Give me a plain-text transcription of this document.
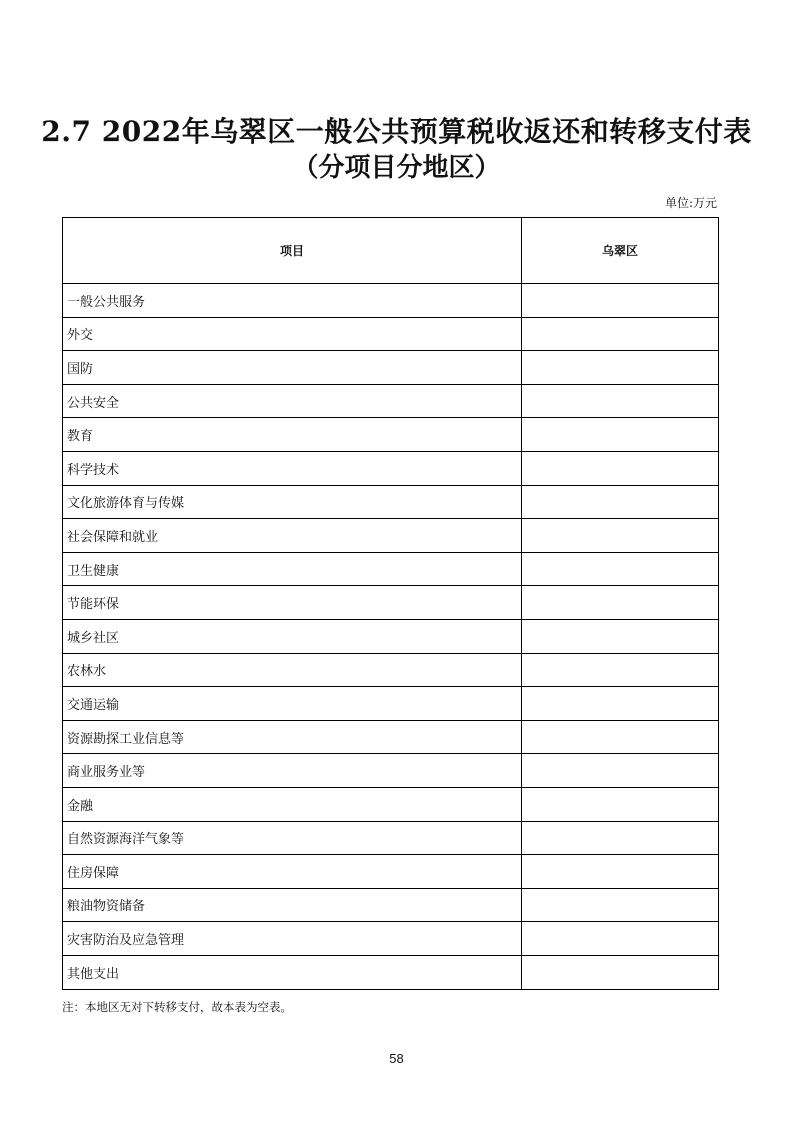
2.7 2022年乌翠区一般公共预算税收返还和转移支付表
（分项目分地区）
单位:万元
项目	乌翠区
一般公共服务
外交
国防
公共安全
教育
科学技术
文化旅游体育与传媒
社会保障和就业
卫生健康
节能环保
城乡社区
农林水
交通运输
资源勘探工业信息等
商业服务业等
金融
自然资源海洋气象等
住房保障
粮油物资储备
灾害防治及应急管理
其他支出
注：本地区无对下转移支付，故本表为空表。
58
